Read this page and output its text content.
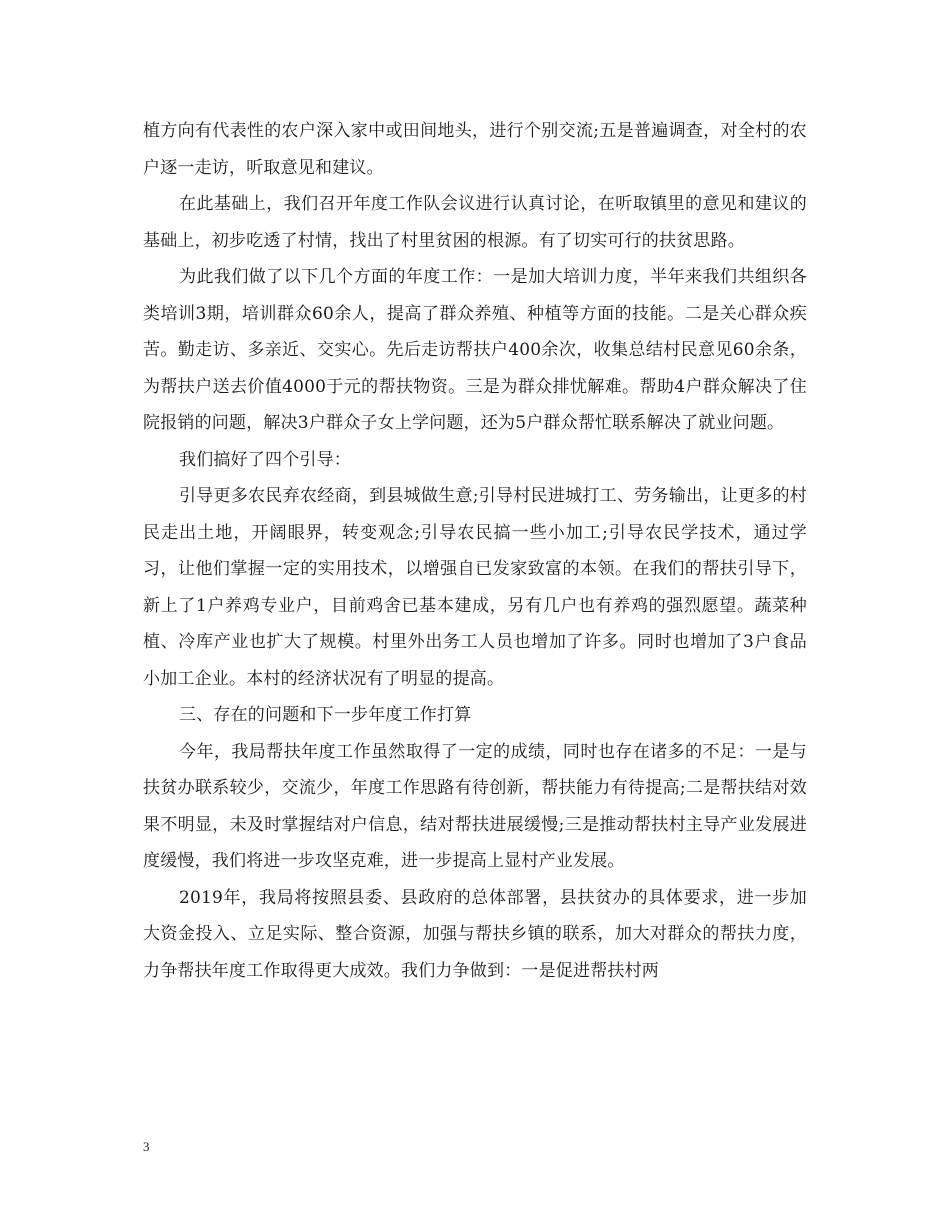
植方向有代表性的农户深入家中或田间地头，进行个别交流;五是普遍调查，对全村的农户逐一走访，听取意见和建议。

在此基础上，我们召开年度工作队会议进行认真讨论，在听取镇里的意见和建议的基础上，初步吃透了村情，找出了村里贫困的根源。有了切实可行的扶贫思路。

为此我们做了以下几个方面的年度工作：一是加大培训力度，半年来我们共组织各类培训3期，培训群众60余人，提高了群众养殖、种植等方面的技能。二是关心群众疾苦。勤走访、多亲近、交实心。先后走访帮扶户400余次，收集总结村民意见60余条，为帮扶户送去价值4000于元的帮扶物资。三是为群众排忧解难。帮助4户群众解决了住院报销的问题，解决3户群众子女上学问题，还为5户群众帮忙联系解决了就业问题。

我们搞好了四个引导：

引导更多农民弃农经商，到县城做生意;引导村民进城打工、劳务输出，让更多的村民走出土地，开阔眼界，转变观念;引导农民搞一些小加工;引导农民学技术，通过学习，让他们掌握一定的实用技术，以增强自已发家致富的本领。在我们的帮扶引导下，新上了1户养鸡专业户，目前鸡舍已基本建成，另有几户也有养鸡的强烈愿望。蔬菜种植、冷库产业也扩大了规模。村里外出务工人员也增加了许多。同时也增加了3户食品小加工企业。本村的经济状况有了明显的提高。

三、存在的问题和下一步年度工作打算

今年，我局帮扶年度工作虽然取得了一定的成绩，同时也存在诸多的不足：一是与扶贫办联系较少，交流少，年度工作思路有待创新，帮扶能力有待提高;二是帮扶结对效果不明显，未及时掌握结对户信息，结对帮扶进展缓慢;三是推动帮扶村主导产业发展进度缓慢，我们将进一步攻坚克难，进一步提高上显村产业发展。

2019年，我局将按照县委、县政府的总体部署，县扶贫办的具体要求，进一步加大资金投入、立足实际、整合资源，加强与帮扶乡镇的联系，加大对群众的帮扶力度，力争帮扶年度工作取得更大成效。我们力争做到：一是促进帮扶村两

3
